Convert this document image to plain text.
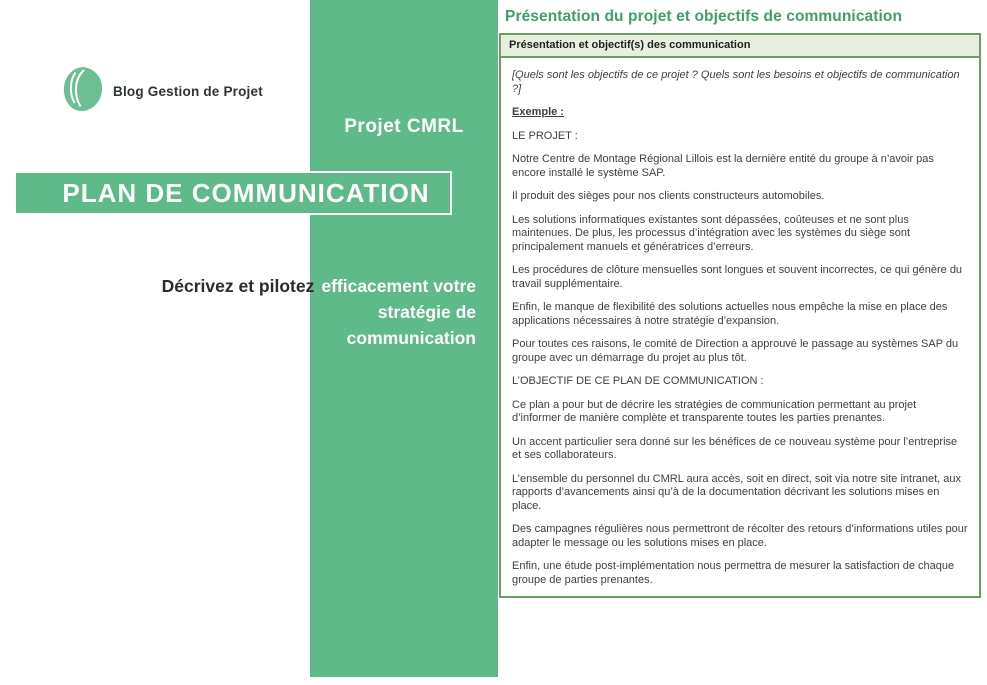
Blog Gestion de Projet
Projet CMRL
PLAN DE COMMUNICATION
Décrivez et pilotez efficacement votre
stratégie de
communication
Présentation du projet et objectifs de communication
Présentation et objectif(s) des communication

[Quels sont les objectifs de ce projet ? Quels sont les besoins et objectifs de communication ?]

Exemple :

LE PROJET :

Notre Centre de Montage Régional Lillois est la dernière entité du groupe à n’avoir pas encore installé le système SAP.

Il produit des sièges pour nos clients constructeurs automobiles.

Les solutions informatiques existantes sont dépassées, coûteuses et ne sont plus maintenues. De plus, les processus d’intégration avec les systèmes du siège sont principalement manuels et génératrices d’erreurs.

Les procédures de clôture mensuelles sont longues et souvent incorrectes, ce qui génère du travail supplémentaire.

Enfin, le manque de flexibilité des solutions actuelles nous empêche la mise en place des applications nécessaires à notre stratégie d’expansion.

Pour toutes ces raisons, le comité de Direction a approuvé le passage au systèmes SAP du groupe avec un démarrage du projet au plus tôt.

L’OBJECTIF DE CE PLAN DE COMMUNICATION :

Ce plan a pour but de décrire les stratégies de communication permettant au projet d’informer de manière complète et transparente toutes les parties prenantes.

Un accent particulier sera donné sur les bénéfices de ce nouveau système pour l’entreprise et ses collaborateurs.

L’ensemble du personnel du CMRL aura accès, soit en direct, soit via notre site intranet, aux rapports d’avancements ainsi qu’à de la documentation décrivant les solutions mises en place.

Des campagnes régulières nous permettront de récolter des retours d’informations utiles pour adapter le message ou les solutions mises en place.

Enfin, une étude post-implémentation nous permettra de mesurer la satisfaction de chaque groupe de parties prenantes.
